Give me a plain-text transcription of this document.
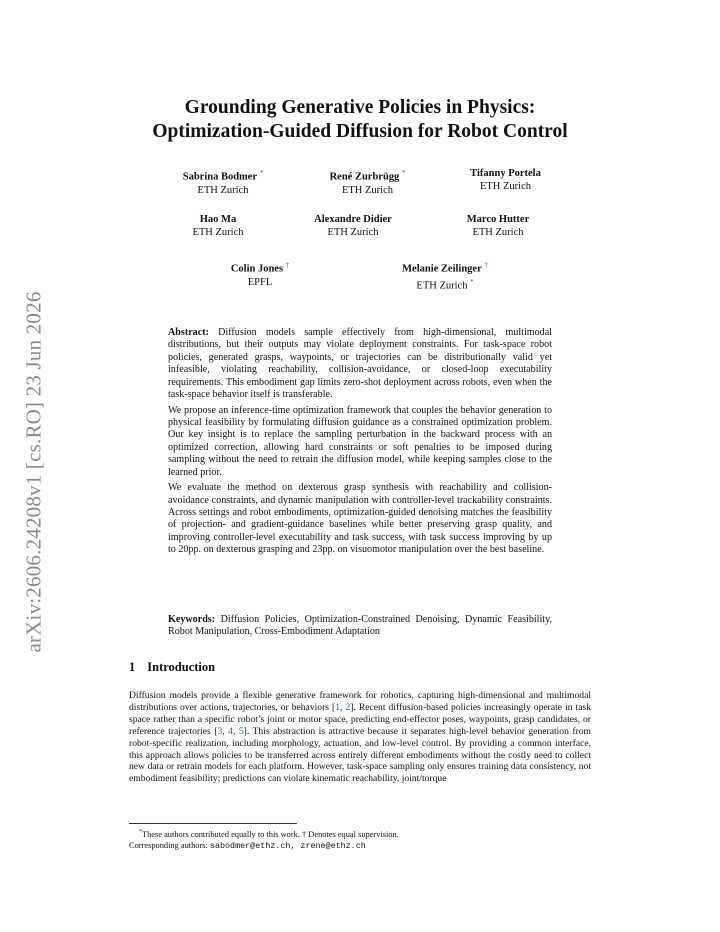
arXiv:2606.24208v1 [cs.RO] 23 Jun 2026
Grounding Generative Policies in Physics:
Optimization-Guided Diffusion for Robot Control
Sabrina Bodmer *
ETH Zurich
René Zurbrügg *
ETH Zurich
Tifanny Portela
ETH Zurich
Hao Ma
ETH Zurich
Alexandre Didier
ETH Zurich
Marco Hutter
ETH Zurich
Colin Jones †
EPFL
Melanie Zeilinger †
ETH Zurich *

Abstract: Diffusion models sample effectively from high-dimensional, multimodal distributions, but their outputs may violate deployment constraints. For task-space robot policies, generated grasps, waypoints, or trajectories can be distributionally valid yet infeasible, violating reachability, collision-avoidance, or closed-loop executability requirements. This embodiment gap limits zero-shot deployment across robots, even when the task-space behavior itself is transferable.

We propose an inference-time optimization framework that couples the behavior generation to physical feasibility by formulating diffusion guidance as a constrained optimization problem. Our key insight is to replace the sampling perturbation in the backward process with an optimized correction, allowing hard constraints or soft penalties to be imposed during sampling without the need to retrain the diffusion model, while keeping samples close to the learned prior.

We evaluate the method on dexterous grasp synthesis with reachability and collision-avoidance constraints, and dynamic manipulation with controller-level trackability constraints. Across settings and robot embodiments, optimization-guided denoising matches the feasibility of projection- and gradient-guidance baselines while better preserving grasp quality, and improving controller-level executability and task success, with task success improving by up to 20pp. on dexterous grasping and 23pp. on visuomotor manipulation over the best baseline.

Keywords: Diffusion Policies, Optimization-Constrained Denoising, Dynamic Feasibility, Robot Manipulation, Cross-Embodiment Adaptation
1 Introduction
Diffusion models provide a flexible generative framework for robotics, capturing high-dimensional and multimodal distributions over actions, trajectories, or behaviors [1, 2]. Recent diffusion-based policies increasingly operate in task space rather than a specific robot’s joint or motor space, predicting end-effector poses, waypoints, grasp candidates, or reference trajectories [3, 4, 5]. This abstraction is attractive because it separates high-level behavior generation from robot-specific realization, including morphology, actuation, and low-level control. By providing a common interface, this approach allows policies to be transferred across entirely different embodiments without the costly need to collect new data or retrain models for each platform. However, task-space sampling only ensures training data consistency, not embodiment feasibility; predictions can violate kinematic reachability, joint/torque
*These authors contributed equally to this work. † Denotes equal supervision.
Corresponding authors: sabodmer@ethz.ch, zrene@ethz.ch
